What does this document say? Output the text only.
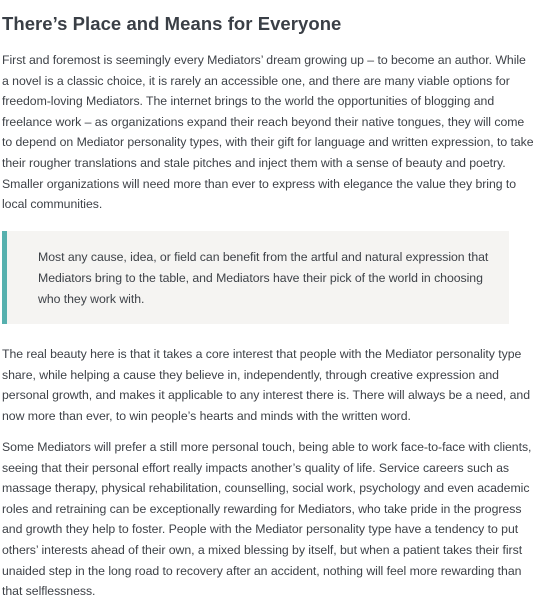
There’s Place and Means for Everyone

First and foremost is seemingly every Mediators’ dream growing up – to become an author. While a novel is a classic choice, it is rarely an accessible one, and there are many viable options for freedom-loving Mediators. The internet brings to the world the opportunities of blogging and freelance work – as organizations expand their reach beyond their native tongues, they will come to depend on Mediator personality types, with their gift for language and written expression, to take their rougher translations and stale pitches and inject them with a sense of beauty and poetry. Smaller organizations will need more than ever to express with elegance the value they bring to local communities.

Most any cause, idea, or field can benefit from the artful and natural expression that Mediators bring to the table, and Mediators have their pick of the world in choosing who they work with.

The real beauty here is that it takes a core interest that people with the Mediator personality type share, while helping a cause they believe in, independently, through creative expression and personal growth, and makes it applicable to any interest there is. There will always be a need, and now more than ever, to win people’s hearts and minds with the written word.

Some Mediators will prefer a still more personal touch, being able to work face-to-face with clients, seeing that their personal effort really impacts another’s quality of life. Service careers such as massage therapy, physical rehabilitation, counselling, social work, psychology and even academic roles and retraining can be exceptionally rewarding for Mediators, who take pride in the progress and growth they help to foster. People with the Mediator personality type have a tendency to put others’ interests ahead of their own, a mixed blessing by itself, but when a patient takes their first unaided step in the long road to recovery after an accident, nothing will feel more rewarding than that selflessness.
